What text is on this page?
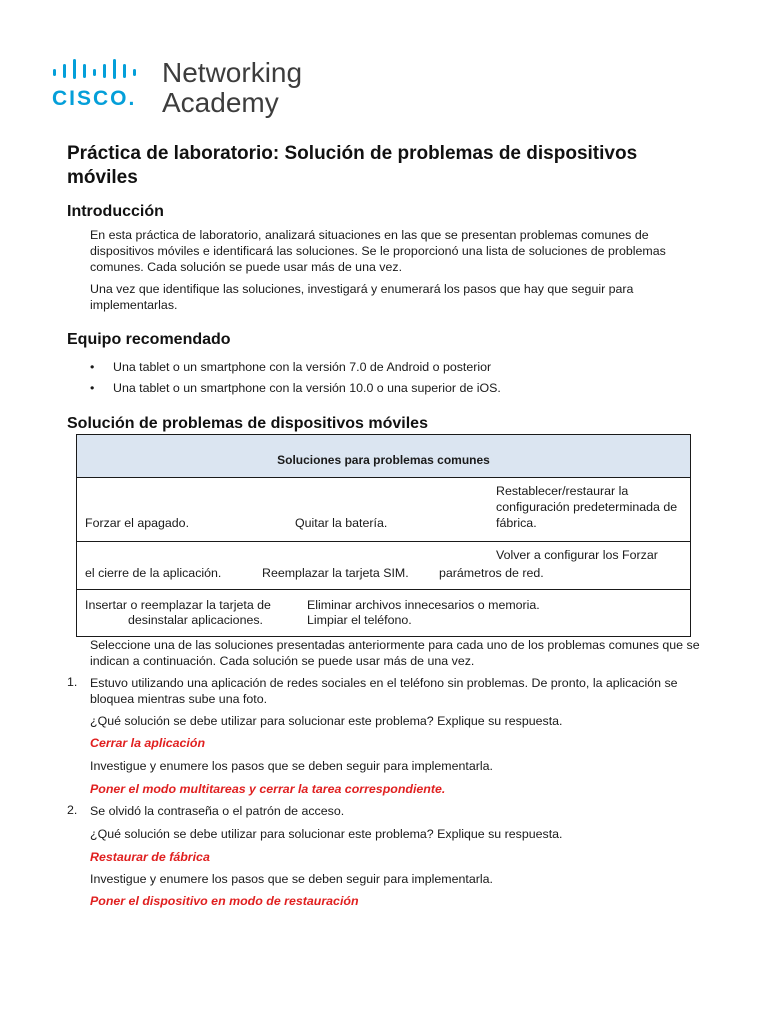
CISCO.
Networking
Academy
Práctica de laboratorio: Solución de problemas de dispositivos móviles
Introducción
En esta práctica de laboratorio, analizará situaciones en las que se presentan problemas comunes de dispositivos móviles e identificará las soluciones. Se le proporcionó una lista de soluciones de problemas comunes. Cada solución se puede usar más de una vez.
Una vez que identifique las soluciones, investigará y enumerará los pasos que hay que seguir para implementarlas.
Equipo recomendado
• Una tablet o un smartphone con la versión 7.0 de Android o posterior
• Una tablet o un smartphone con la versión 10.0 o una superior de iOS.
Solución de problemas de dispositivos móviles
Soluciones para problemas comunes
Forzar el apagado.	Quitar la batería.
Restablecer/restaurar la
configuración predeterminada de
fábrica.
Volver a configurar los Forzar
el cierre de la aplicación.	Reemplazar la tarjeta SIM. parámetros de red.
Insertar o reemplazar la tarjeta de
desinstalar aplicaciones.
Eliminar archivos innecesarios o memoria.
Limpiar el teléfono.
Seleccione una de las soluciones presentadas anteriormente para cada uno de los problemas comunes que se indican a continuación. Cada solución se puede usar más de una vez.
1. Estuvo utilizando una aplicación de redes sociales en el teléfono sin problemas. De pronto, la aplicación se bloquea mientras sube una foto.
¿Qué solución se debe utilizar para solucionar este problema? Explique su respuesta.
Cerrar la aplicación
Investigue y enumere los pasos que se deben seguir para implementarla.
Poner el modo multitareas y cerrar la tarea correspondiente.
2. Se olvidó la contraseña o el patrón de acceso.
¿Qué solución se debe utilizar para solucionar este problema? Explique su respuesta.
Restaurar de fábrica
Investigue y enumere los pasos que se deben seguir para implementarla.
Poner el dispositivo en modo de restauración
